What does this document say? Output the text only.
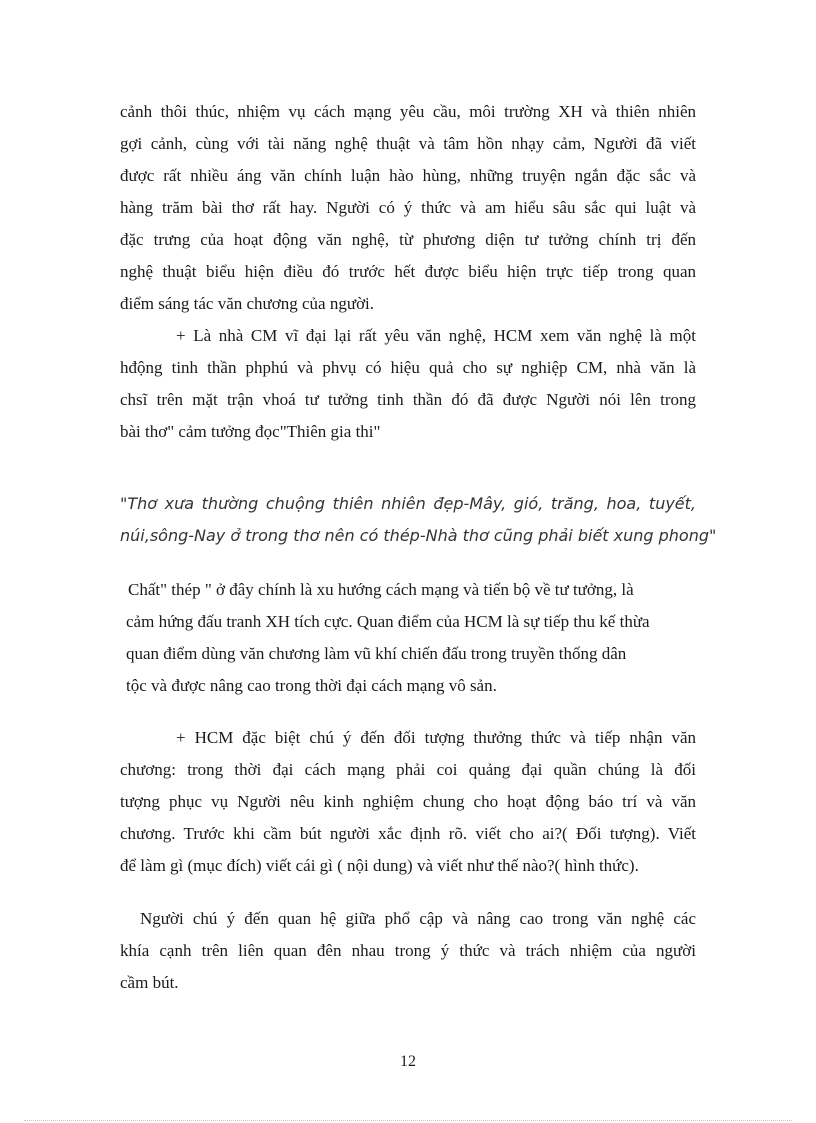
cảnh thôi thúc, nhiệm vụ cách mạng yêu cầu, môi trường XH và thiên nhiên
gợi cảnh, cùng với tài năng nghệ thuật và tâm hồn nhạy cảm, Người đã viết
được rất nhiều áng văn chính luận hào hùng, những truyện ngắn đặc sắc và
hàng trăm bài thơ rất hay. Người có ý thức và am hiểu sâu sắc qui luật và
đặc trưng của hoạt động văn nghệ, từ phương diện tư tưởng chính trị đến
nghệ thuật biểu hiện điều đó trước hết được biểu hiện trực tiếp trong quan
điểm sáng tác văn chương của người.

+ Là nhà CM vĩ đại lại rất yêu văn nghệ, HCM xem văn nghệ là một
hđộng tinh thần phphú và phvụ có hiệu quả cho sự nghiệp CM, nhà văn là
chsĩ trên mặt trận vhoá tư tưởng tinh thần đó đã được Người nói lên trong
bài thơ" cảm tưởng đọc"Thiên gia thi"

"Thơ xưa thường chuộng thiên nhiên đẹp-Mây, gió, trăng, hoa, tuyết,
núi,sông-Nay ở trong thơ nên có thép-Nhà thơ cũng phải biết xung phong"

Chất" thép " ở đây chính là xu hướng cách mạng và tiến bộ về tư tưởng, là
cảm hứng đấu tranh XH tích cực. Quan điểm của HCM là sự tiếp thu kế thừa
quan điểm dùng văn chương làm vũ khí chiến đấu trong truyền thống dân
tộc và được nâng cao trong thời đại cách mạng vô sản.

+ HCM đặc biệt chú ý đến đối tượng thưởng thức và tiếp nhận văn
chương: trong thời đại cách mạng phải coi quảng đại quần chúng là đối
tượng phục vụ Người nêu kinh nghiệm chung cho hoạt động báo trí và văn
chương. Trước khi cầm bút người xắc định rõ. viết cho ai?( Đối tượng). Viết
để làm gì (mục đích) viết cái gì ( nội dung) và viết như thế nào?( hình thức).

Người chú ý đến quan hệ giữa phổ cập và nâng cao trong văn nghệ các
khía cạnh trên liên quan đên nhau trong ý thức và trách nhiệm của người
cầm bút.

12
